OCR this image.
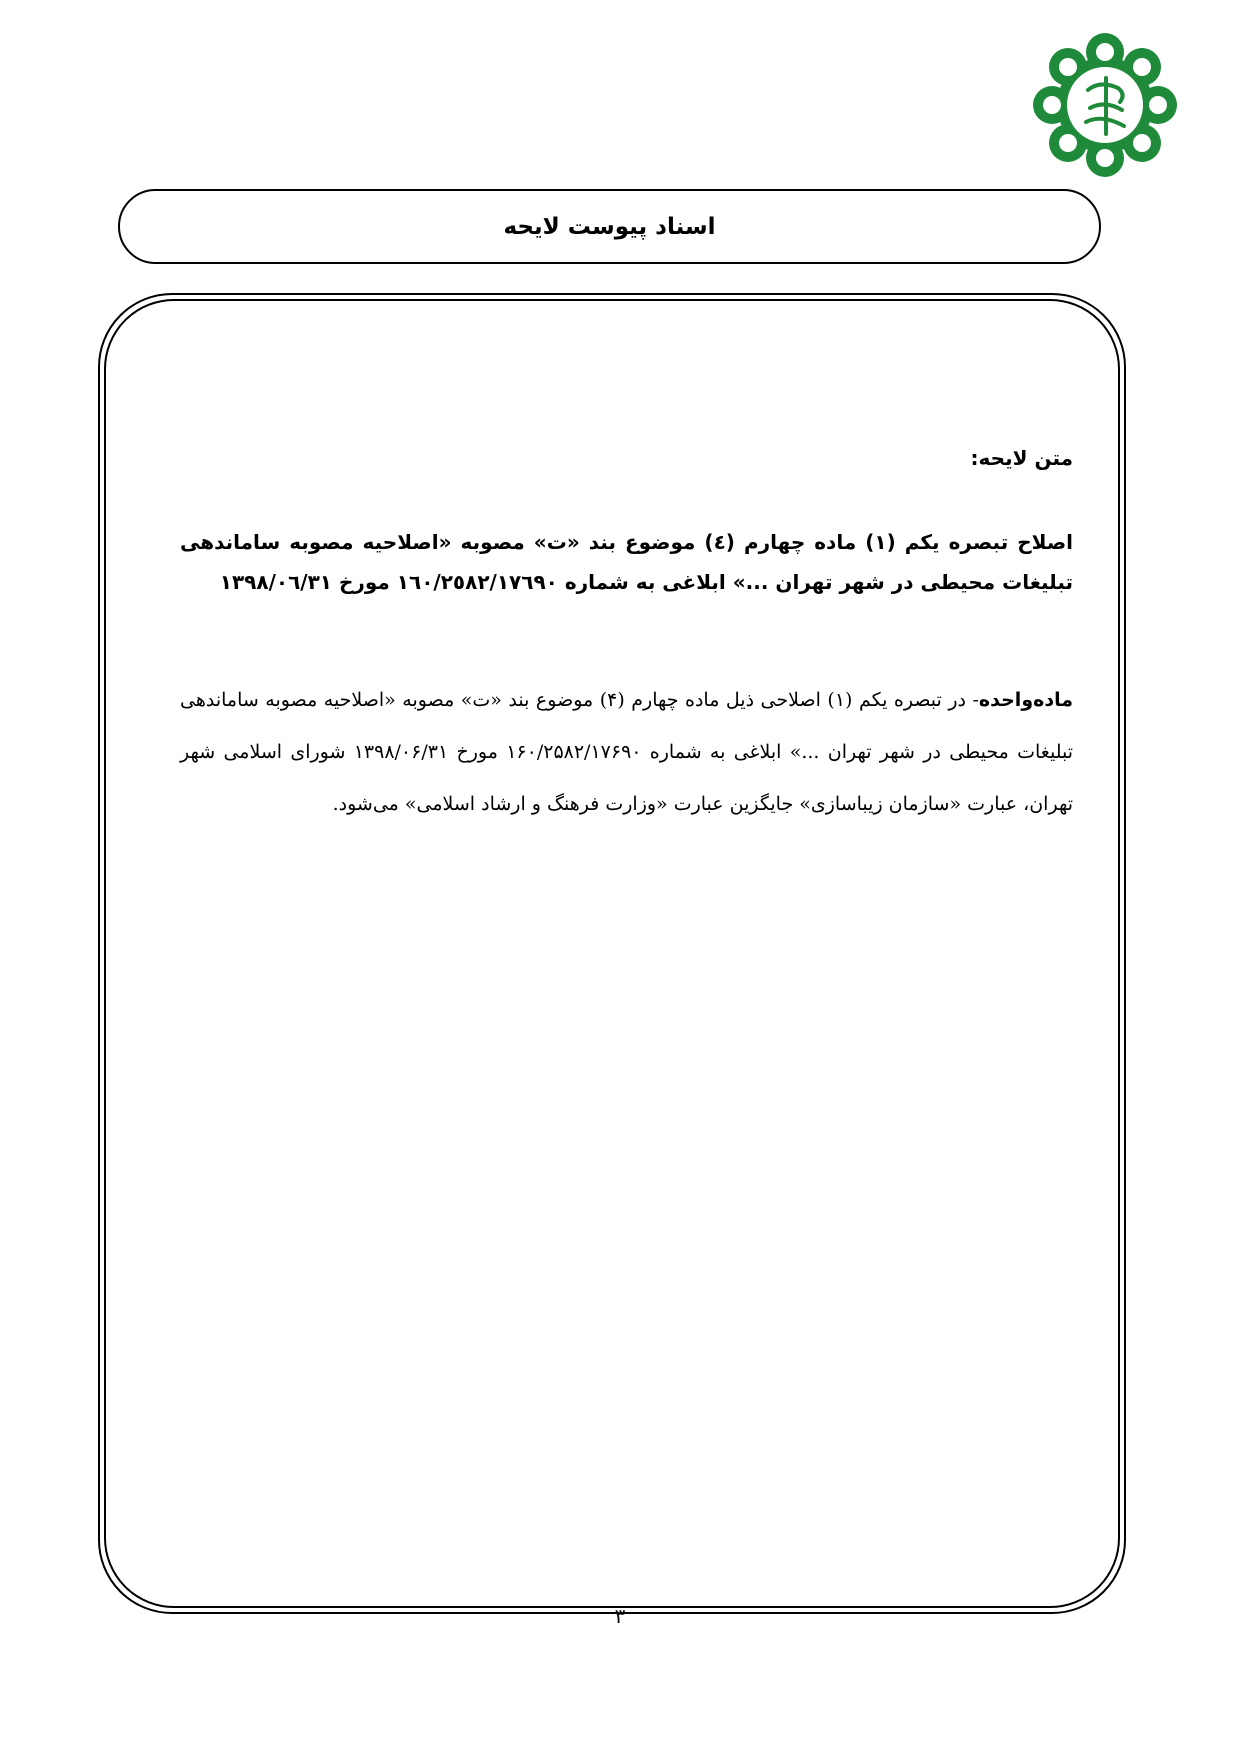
اسناد پیوست لایحه
متن لایحه:
اصلاح تبصره یکم (۱) ماده چهارم (٤) موضوع بند «ت» مصوبه «اصلاحیه مصوبه ساماندهی تبلیغات محیطی در شهر تهران ...» ابلاغی به شماره ١٦٠/٢٥٨٢/١٧٦٩٠ مورخ ١٣٩٨/٠٦/٣١
ماده‌واحده- در تبصره یکم (۱) اصلاحی ذیل ماده چهارم (۴) موضوع بند «ت» مصوبه «اصلاحیه مصوبه ساماندهی تبلیغات محیطی در شهر تهران ...» ابلاغی به شماره ۱۶۰/۲۵۸۲/۱۷۶۹۰ مورخ ۱۳۹۸/۰۶/۳۱ شورای اسلامی شهر تهران، عبارت «سازمان زیباسازی» جایگزین عبارت «وزارت فرهنگ و ارشاد اسلامی» می‌شود.
۳
